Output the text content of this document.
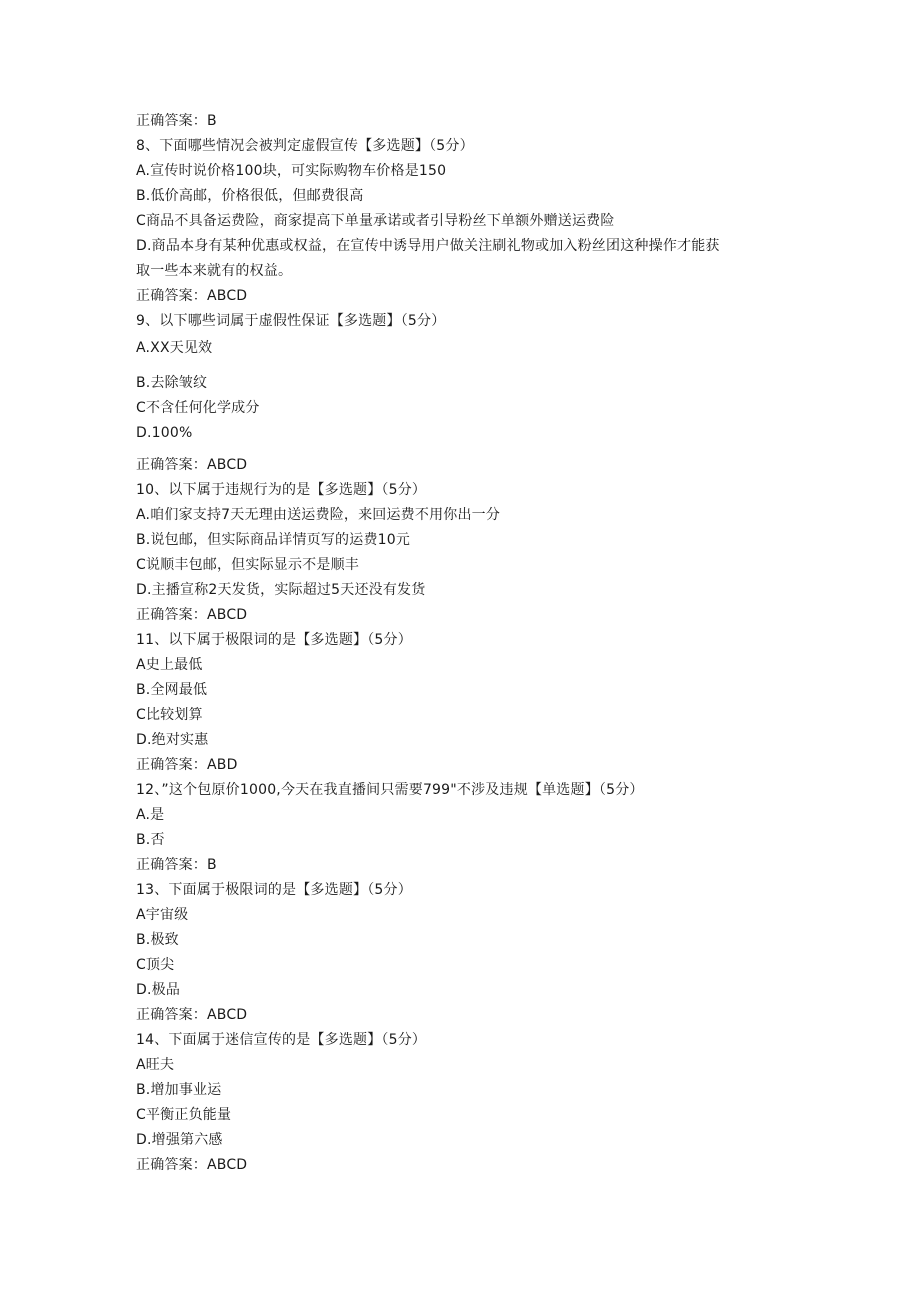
正确答案：B
8、下面哪些情况会被判定虚假宣传【多选题】（5分）
A.宣传时说价格100块，可实际购物车价格是150
B.低价高邮，价格很低，但邮费很高
C商品不具备运费险，商家提高下单量承诺或者引导粉丝下单额外赠送运费险
D.商品本身有某种优惠或权益，在宣传中诱导用户做关注刷礼物或加入粉丝团这种操作才能获
取一些本来就有的权益。
正确答案：ABCD
9、以下哪些词属于虚假性保证【多选题】（5分）
A.XX天见效
B.去除皱纹
C不含任何化学成分
D.100%
正确答案：ABCD
10、以下属于违规行为的是【多选题】（5分）
A.咱们家支持7天无理由送运费险，来回运费不用你出一分
B.说包邮，但实际商品详情页写的运费10元
C说顺丰包邮，但实际显示不是顺丰
D.主播宣称2天发货，实际超过5天还没有发货
正确答案：ABCD
11、以下属于极限词的是【多选题】（5分）
A史上最低
B.全网最低
C比较划算
D.绝对实惠
正确答案：ABD
12、”这个包原价1000,今天在我直播间只需要799"不涉及违规【单选题】（5分）
A.是
B.否
正确答案：B
13、下面属于极限词的是【多选题】（5分）
A宇宙级
B.极致
C顶尖
D.极品
正确答案：ABCD
14、下面属于迷信宣传的是【多选题】（5分）
A旺夫
B.增加事业运
C平衡正负能量
D.增强第六感
正确答案：ABCD
